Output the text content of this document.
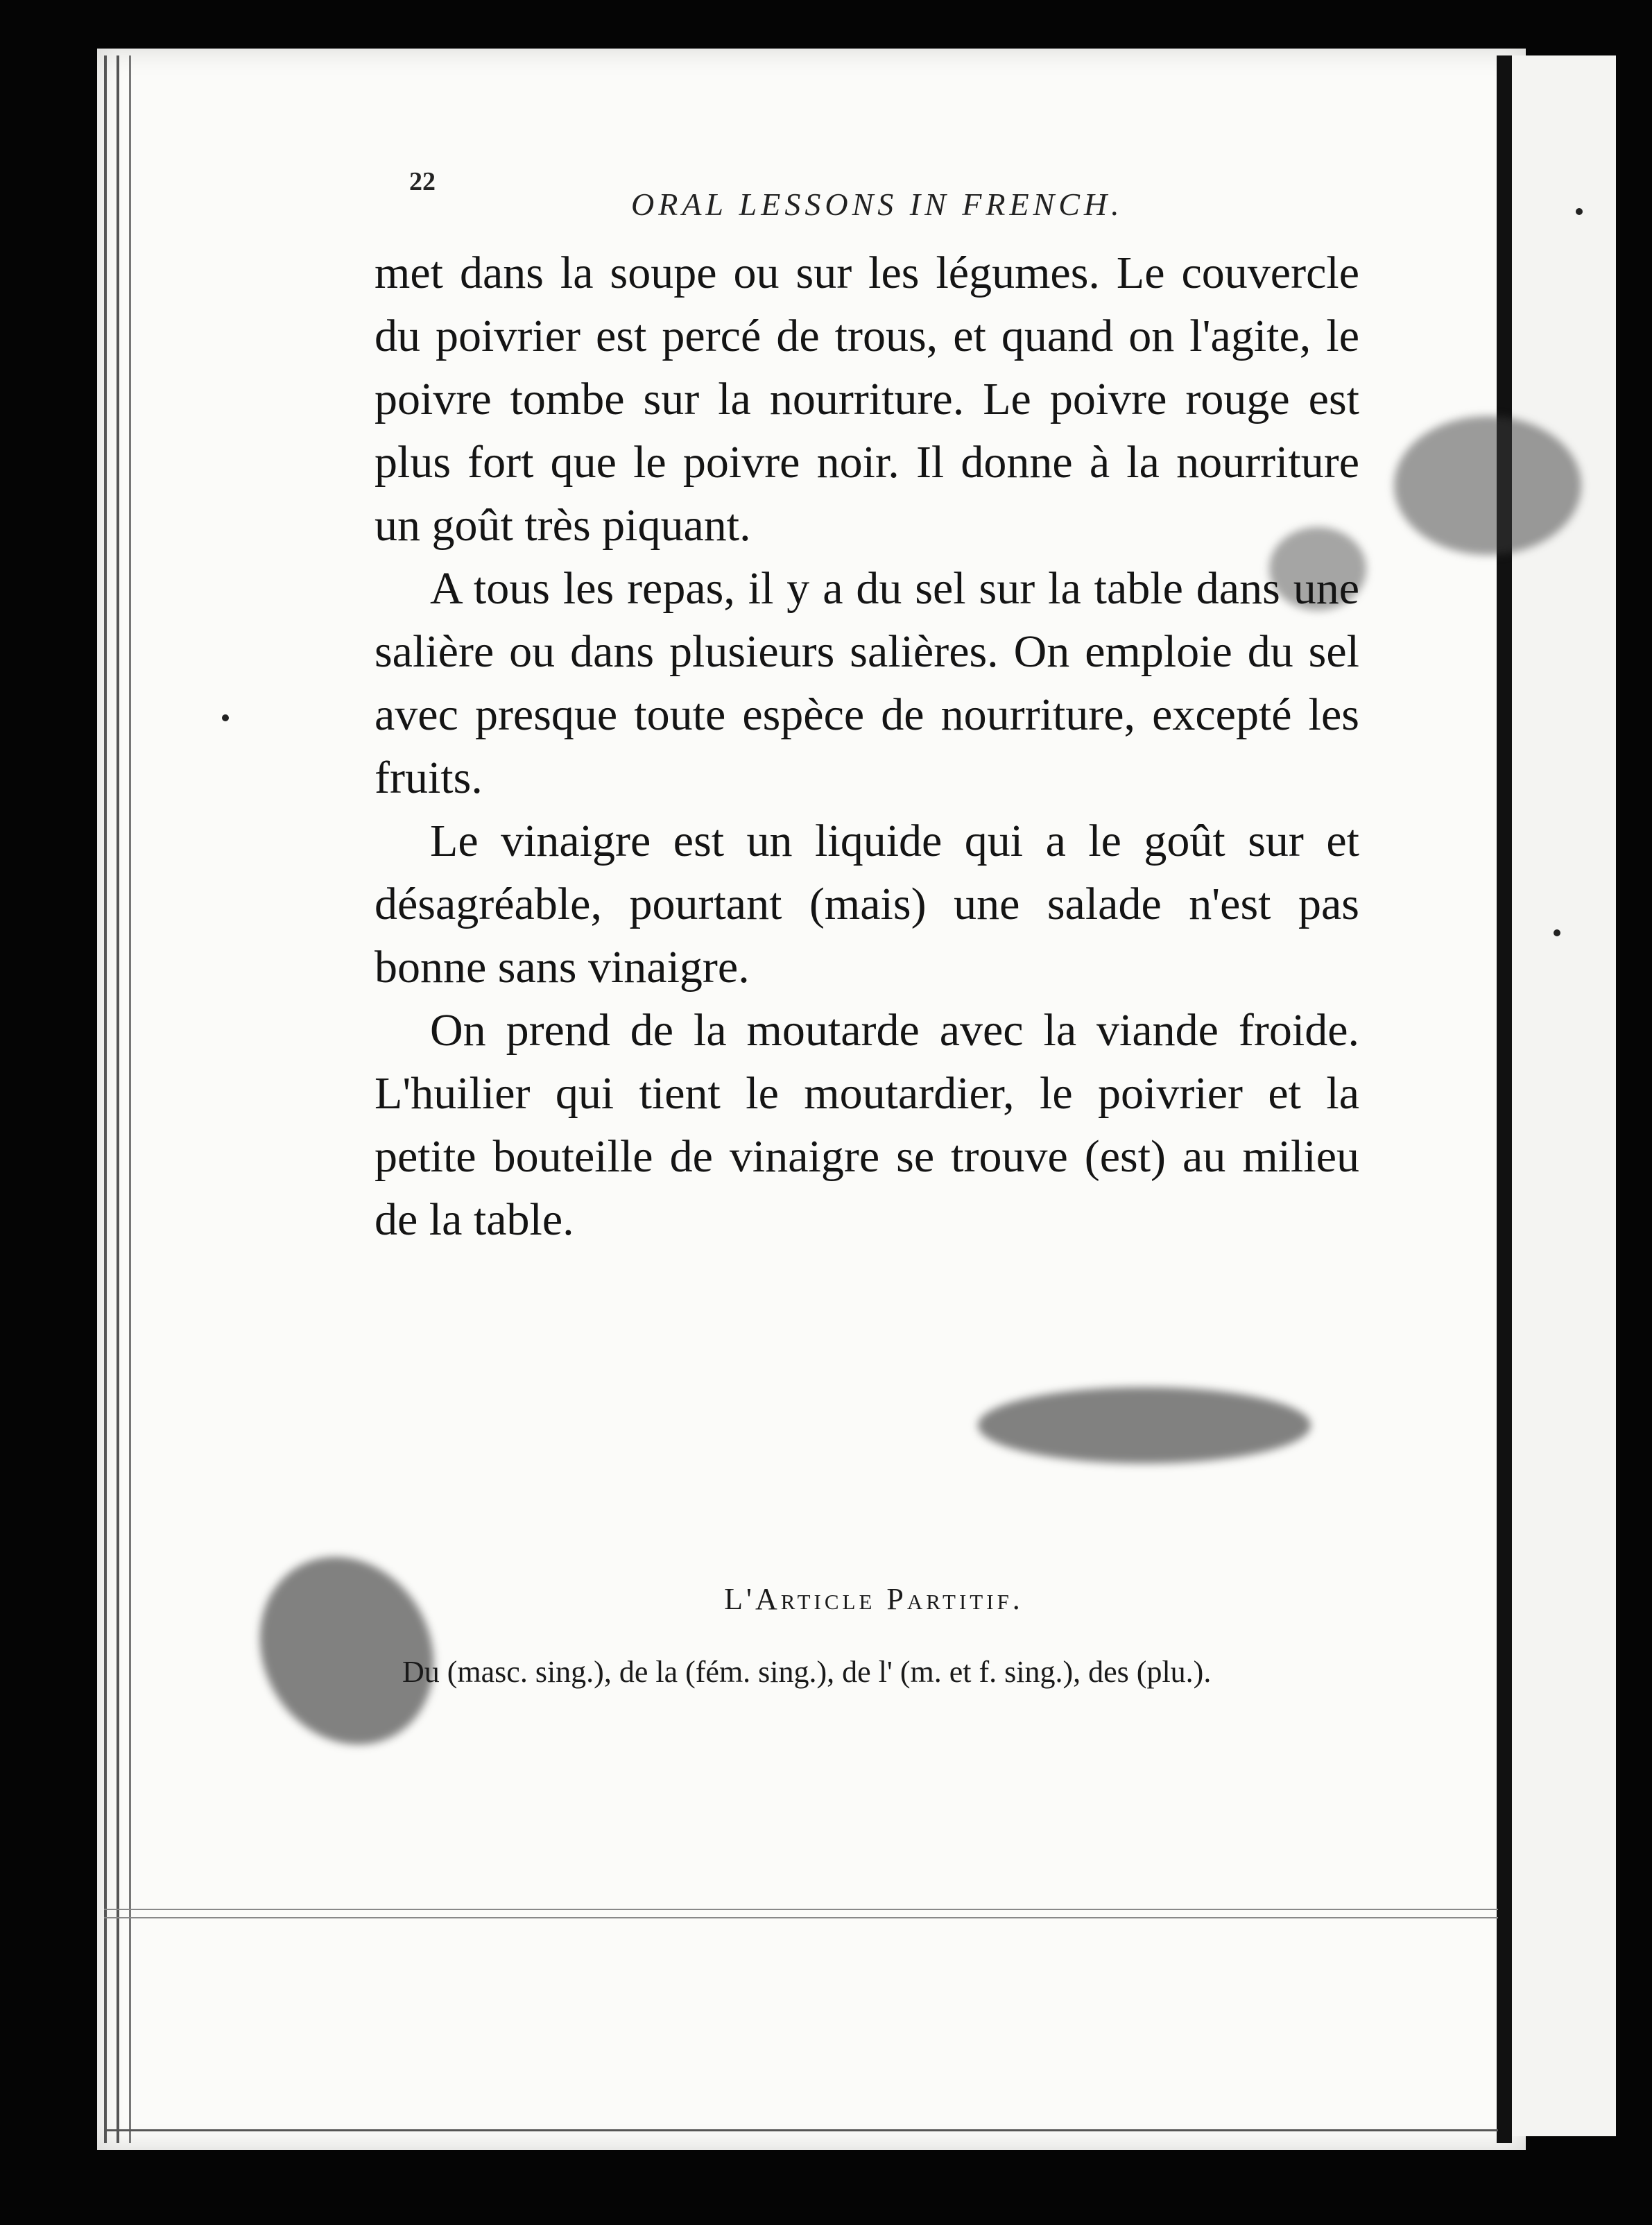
22
ORAL LESSONS IN FRENCH.

met dans la soupe ou sur les légumes. Le couvercle du poivrier est percé de trous, et quand on l'agite, le poivre tombe sur la nourriture. Le poivre rouge est plus fort que le poivre noir. Il donne à la nourriture un goût très piquant.

A tous les repas, il y a du sel sur la table dans une salière ou dans plusieurs salières. On emploie du sel avec presque toute espèce de nourriture, excepté les fruits.

Le vinaigre est un liquide qui a le goût sur et désagréable, pourtant (mais) une salade n'est pas bonne sans vinaigre.

On prend de la moutarde avec la viande froide. L'huilier qui tient le moutardier, le poivrier et la petite bouteille de vinaigre se trouve (est) au milieu de la table.

L'Article Partitif.
Du (masc. sing.), de la (fém. sing.), de l' (m. et f. sing.), des (plu.).
